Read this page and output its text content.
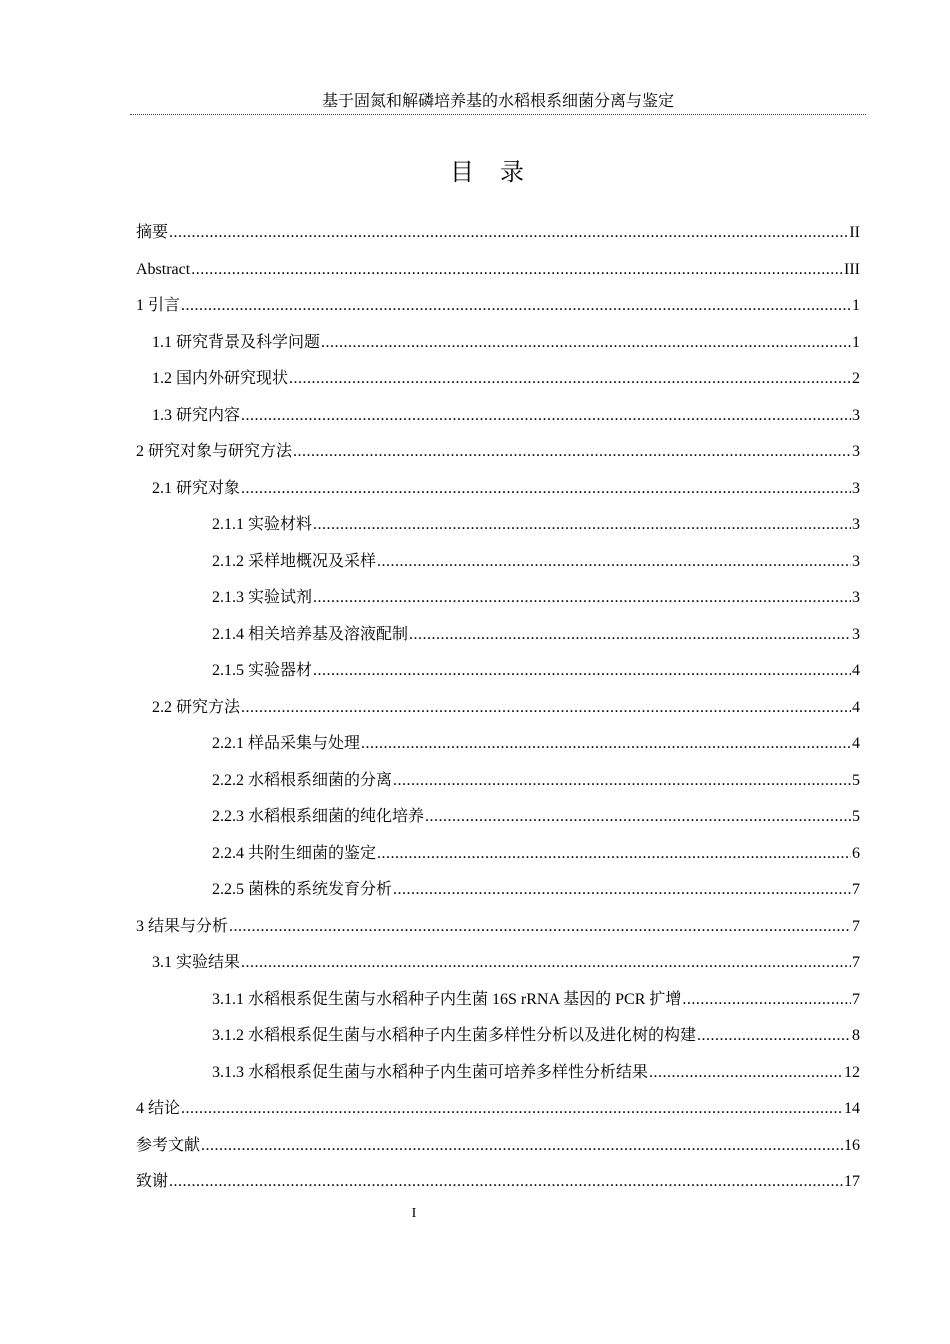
基于固氮和解磷培养基的水稻根系细菌分离与鉴定
目录
摘要 .....	II
Abstract .....	III
1 引言 .....	1
1.1 研究背景及科学问题 .....	1
1.2 国内外研究现状 .....	2
1.3 研究内容 .....	3
2 研究对象与研究方法 .....	3
2.1 研究对象 .....	3
2.1.1 实验材料 .....	3
2.1.2 采样地概况及采样 .....	3
2.1.3 实验试剂 .....	3
2.1.4 相关培养基及溶液配制 .....	3
2.1.5 实验器材 .....	4
2.2 研究方法 .....	4
2.2.1 样品采集与处理 .....	4
2.2.2 水稻根系细菌的分离 .....	5
2.2.3 水稻根系细菌的纯化培养 .....	5
2.2.4 共附生细菌的鉴定 .....	6
2.2.5 菌株的系统发育分析 .....	7
3 结果与分析 .....	7
3.1 实验结果 .....	7
3.1.1 水稻根系促生菌与水稻种子内生菌 16S rRNA 基因的 PCR 扩增 .....	7
3.1.2 水稻根系促生菌与水稻种子内生菌多样性分析以及进化树的构建 .....	8
3.1.3 水稻根系促生菌与水稻种子内生菌可培养多样性分析结果 .....	12
4 结论 .....	14
参考文献 .....	16
致谢 .....	17
I
